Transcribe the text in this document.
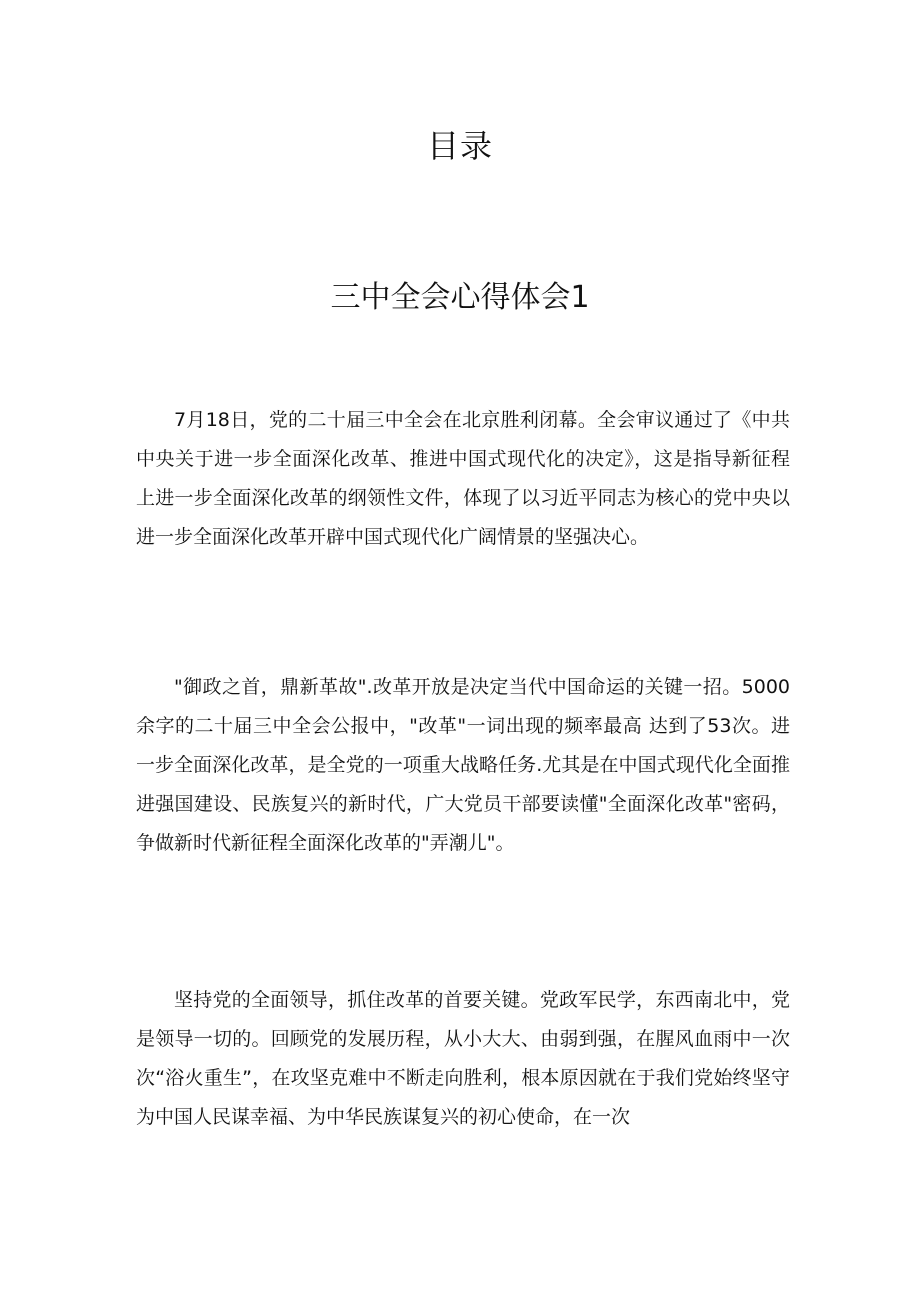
目录
三中全会心得体会1

7月18日，党的二十届三中全会在北京胜利闭幕。全会审议通过了《中共中央关于进一步全面深化改革、推进中国式现代化的决定》，这是指导新征程上进一步全面深化改革的纲领性文件，体现了以习近平同志为核心的党中央以进一步全面深化改革开辟中国式现代化广阔情景的坚强决心。

"御政之首，鼎新革故".改革开放是决定当代中国命运的关键一招。5000余字的二十届三中全会公报中，"改革"一词出现的频率最高 达到了53次。进一步全面深化改革，是全党的一项重大战略任务.尤其是在中国式现代化全面推进强国建设、民族复兴的新时代，广大党员干部要读懂"全面深化改革"密码，争做新时代新征程全面深化改革的"弄潮儿"。

坚持党的全面领导，抓住改革的首要关键。党政军民学，东西南北中，党是领导一切的。回顾党的发展历程，从小大大、由弱到强，在腥风血雨中一次次“浴火重生”，在攻坚克难中不断走向胜利，根本原因就在于我们党始终坚守为中国人民谋幸福、为中华民族谋复兴的初心使命，在一次
